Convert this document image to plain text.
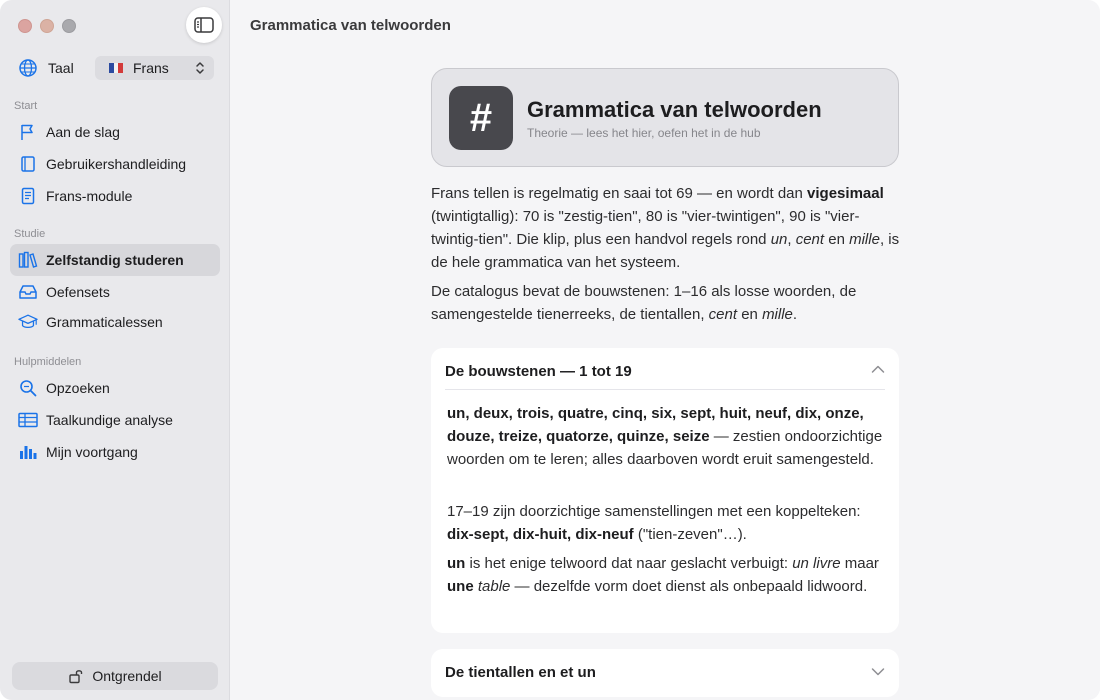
Taal	Frans
Start
Aan de slag
Gebruikershandleiding
Frans-module
Studie
Zelfstandig studeren
Oefensets
Grammaticalessen
Hulpmiddelen
Opzoeken
Taalkundige analyse
Mijn voortgang
Ontgrendel
Grammatica van telwoorden
#	Grammatica van telwoorden
Theorie — lees het hier, oefen het in de hub
Frans tellen is regelmatig en saai tot 69 — en wordt dan vigesimaal (twintigtallig): 70 is "zestig-tien", 80 is "vier-twintigen", 90 is "vier-twintig-tien". Die klip, plus een handvol regels rond un, cent en mille, is de hele grammatica van het systeem.
De catalogus bevat de bouwstenen: 1–16 als losse woorden, de samengestelde tienerreeks, de tientallen, cent en mille.
De bouwstenen — 1 tot 19
un, deux, trois, quatre, cinq, six, sept, huit, neuf, dix, onze, douze, treize, quatorze, quinze, seize — zestien ondoorzichtige woorden om te leren; alles daarboven wordt eruit samengesteld.
17–19 zijn doorzichtige samenstellingen met een koppelteken: dix-sept, dix-huit, dix-neuf ("tien-zeven"…).
un is het enige telwoord dat naar geslacht verbuigt: un livre maar une table — dezelfde vorm doet dienst als onbepaald lidwoord.
De tientallen en et un
